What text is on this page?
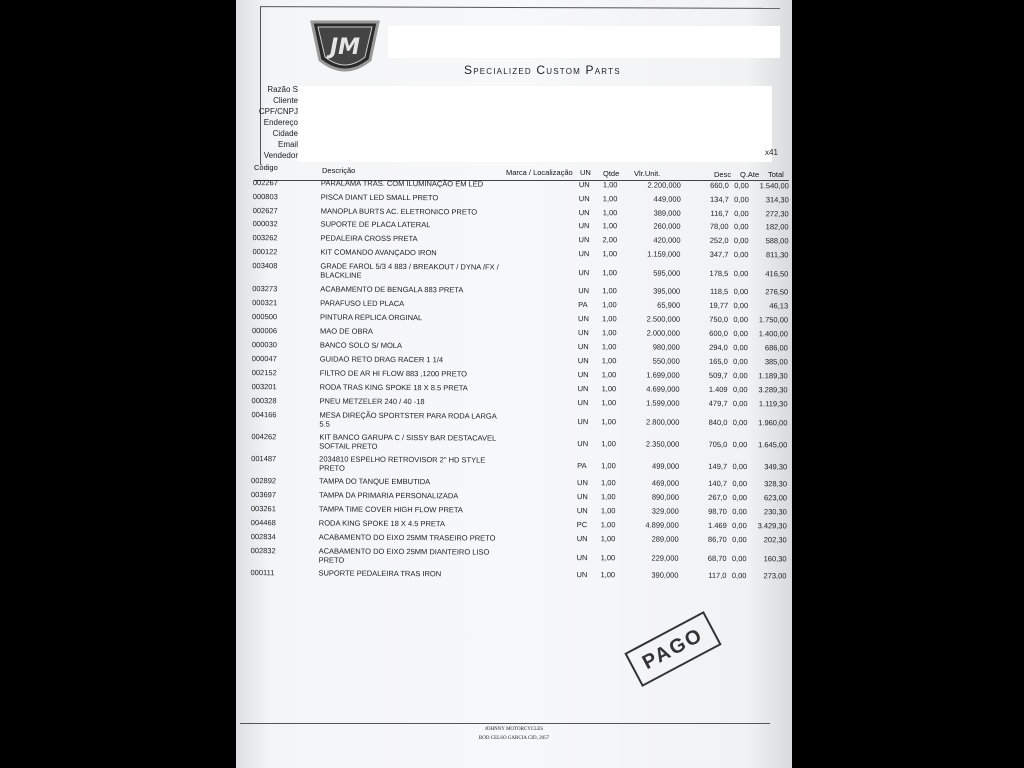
JM
Specialized Custom Parts
Razão S
Cliente
CPF/CNPJ
Endereço
Cidade
Email
Vendedor	x41
Código	Descrição	Marca / Localização UN Qtde Vlr.Unit.	Desc Q.Ate Total
002267	PARALAMA TRAS. COM ILUMINAÇÃO EM LED	UN 1,00	2.200,000	660,0 0,00	1.540,00
000803	PISCA DIANT LED SMALL PRETO	UN 1,00	449,000	134,7 0,00	314,30
002627	MANOPLA BURTS AC. ELETRONICO PRETO	UN 1,00	389,000	116,7 0,00	272,30
000032	SUPORTE DE PLACA LATERAL	UN 1,00	260,000	78,00 0,00	182,00
003262	PEDALEIRA CROSS PRETA	UN 2,00	420,000	252,0 0,00	588,00
000122	KIT COMANDO AVANÇADO IRON	UN 1,00	1.159,000	347,7 0,00	811,30
003408	GRADE FAROL 5/3 4 883 / BREAKOUT / DYNA /FX / BLACKLINE	UN 1,00	595,000	178,5 0,00	416,50
003273	ACABAMENTO DE BENGALA 883 PRETA	UN 1,00	395,000	118,5 0,00	276,50
000321	PARAFUSO LED PLACA	PA 1,00	65,900	19,77 0,00	46,13
000500	PINTURA REPLICA ORGINAL	UN 1,00	2.500,000	750,0 0,00	1.750,00
000006	MAO DE OBRA	UN 1,00	2.000,000	600,0 0,00	1.400,00
000030	BANCO SOLO S/ MOLA	UN 1,00	980,000	294,0 0,00	686,00
000047	GUIDAO RETO DRAG RACER 1 1/4	UN 1,00	550,000	165,0 0,00	385,00
002152	FILTRO DE AR HI FLOW 883 ,1200 PRETO	UN 1,00	1.699,000	509,7 0,00	1.189,30
003201	RODA TRAS KING SPOKE 18 X 8.5 PRETA	UN 1,00	4.699,000	1.409 0,00	3.289,30
000328	PNEU METZELER 240 / 40 -18	UN 1,00	1.599,000	479,7 0,00	1.119,30
004166	MESA DIREÇÃO SPORTSTER PARA RODA LARGA 5.5	UN 1,00	2.800,000	840,0 0,00	1.960,00
004262	KIT BANCO GARUPA C / SISSY BAR DESTACAVEL SOFTAIL PRETO	UN 1,00	2.350,000	705,0 0,00	1.645,00
001487	2034810 ESPELHO RETROVISOR 2" HD STYLE PRETO	PA 1,00	499,000	149,7 0,00	349,30
002892	TAMPA DO TANQUE EMBUTIDA	UN 1,00	469,000	140,7 0,00	328,30
003697	TAMPA DA PRIMARIA PERSONALIZADA	UN 1,00	890,000	267,0 0,00	623,00
003261	TAMPA TIME COVER HIGH FLOW PRETA	UN 1,00	329,000	98,70 0,00	230,30
004468	RODA KING SPOKE 18 X 4.5 PRETA	PC 1,00	4.899,000	1.469 0,00	3.429,30
002834	ACABAMENTO DO EIXO 25MM TRASEIRO PRETO	UN 1,00	289,000	86,70 0,00	202,30
002832	ACABAMENTO DO EIXO 25MM DIANTEIRO LISO PRETO	UN 1,00	229,000	68,70 0,00	160,30
000111	SUPORTE PEDALEIRA TRAS IRON	UN 1,00	390,000	117,0 0,00	273,00
PAGO
JOHNNY MOTORCYCLES
ROD CELSO GARCIA CID, 2057
